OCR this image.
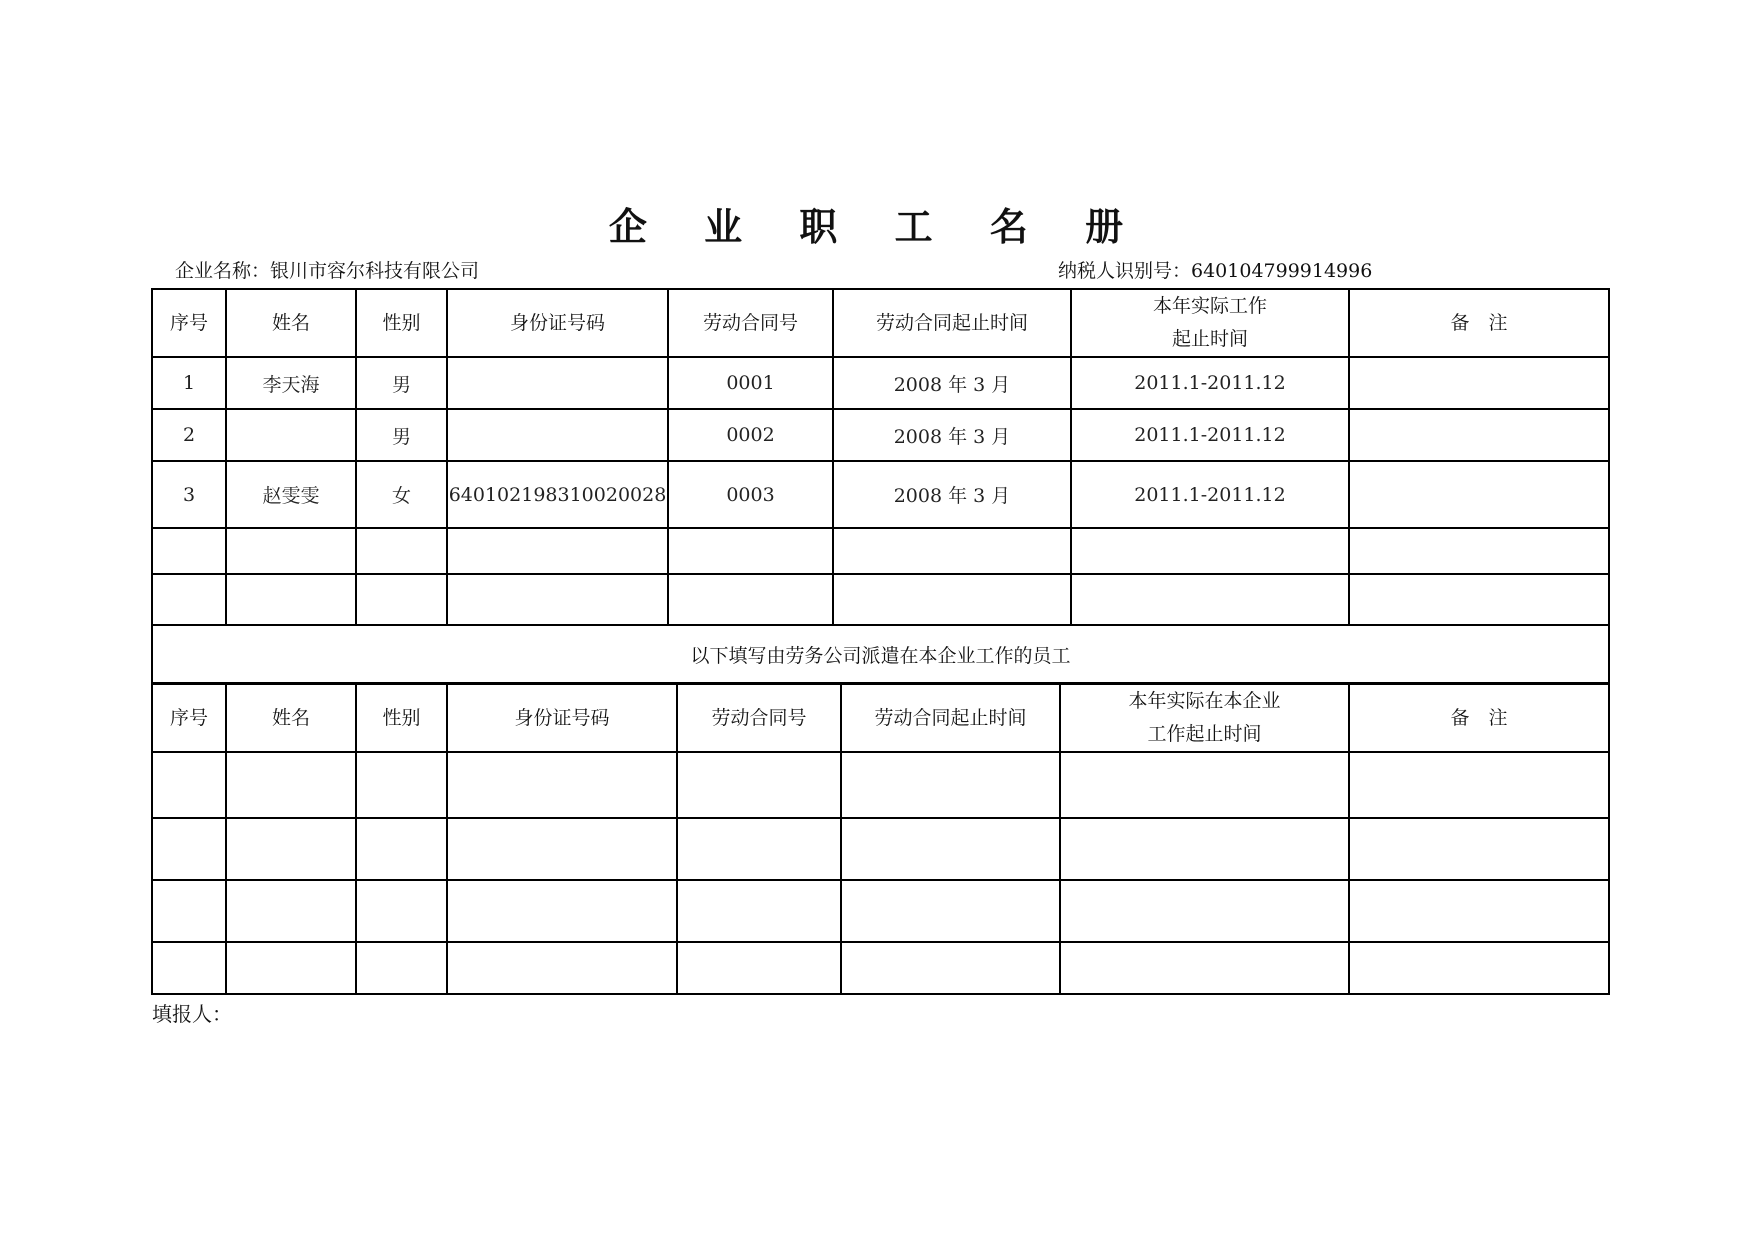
企 业 职 工 名 册
企业名称：银川市容尔科技有限公司	纳税人识别号：640104799914996
序号	姓名	性别	身份证号码	劳动合同号	劳动合同起止时间	本年实际工作
起止时间	备　注
1	李天海	男		0001	2008 年 3 月	2011.1-2011.12	
2		男		0002	2008 年 3 月	2011.1-2011.12	
3	赵雯雯	女	640102198310020028	0003	2008 年 3 月	2011.1-2011.12	

以下填写由劳务公司派遣在本企业工作的员工							
序号	姓名	性别	身份证号码	劳动合同号	劳动合同起止时间	本年实际在本企业
工作起止时间	备　注

填报人：
